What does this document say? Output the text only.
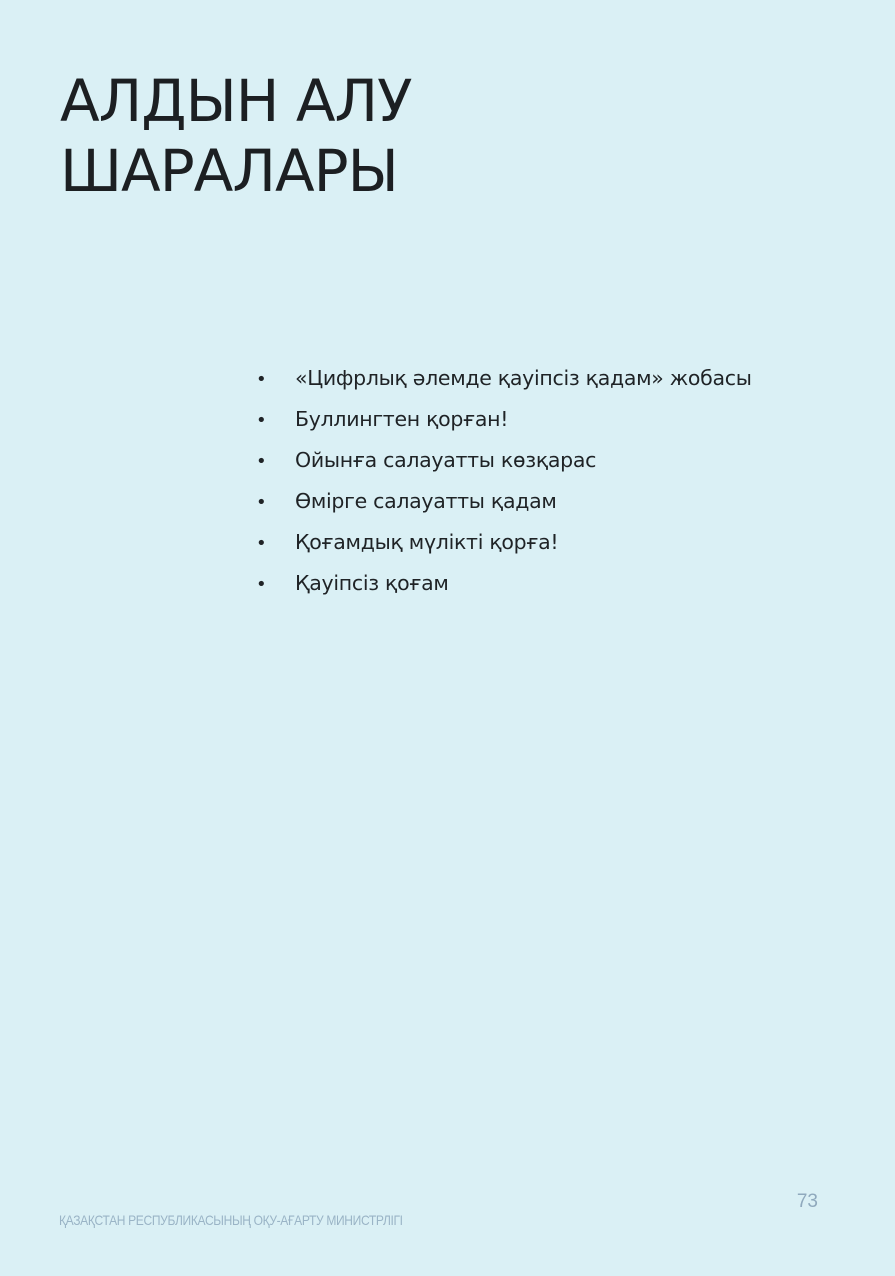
АЛДЫН АЛУ
ШАРАЛАРЫ
• «Цифрлық әлемде қауіпсіз қадам» жобасы
• Буллингтен қорған!
• Ойынға салауатты көзқарас
• Өмірге салауатты қадам
• Қоғамдық мүлікті қорға!
• Қауіпсіз қоғам
73
ҚАЗАҚСТАН РЕСПУБЛИКАСЫНЫҢ ОҚУ-АҒАРТУ МИНИСТРЛІГІ
